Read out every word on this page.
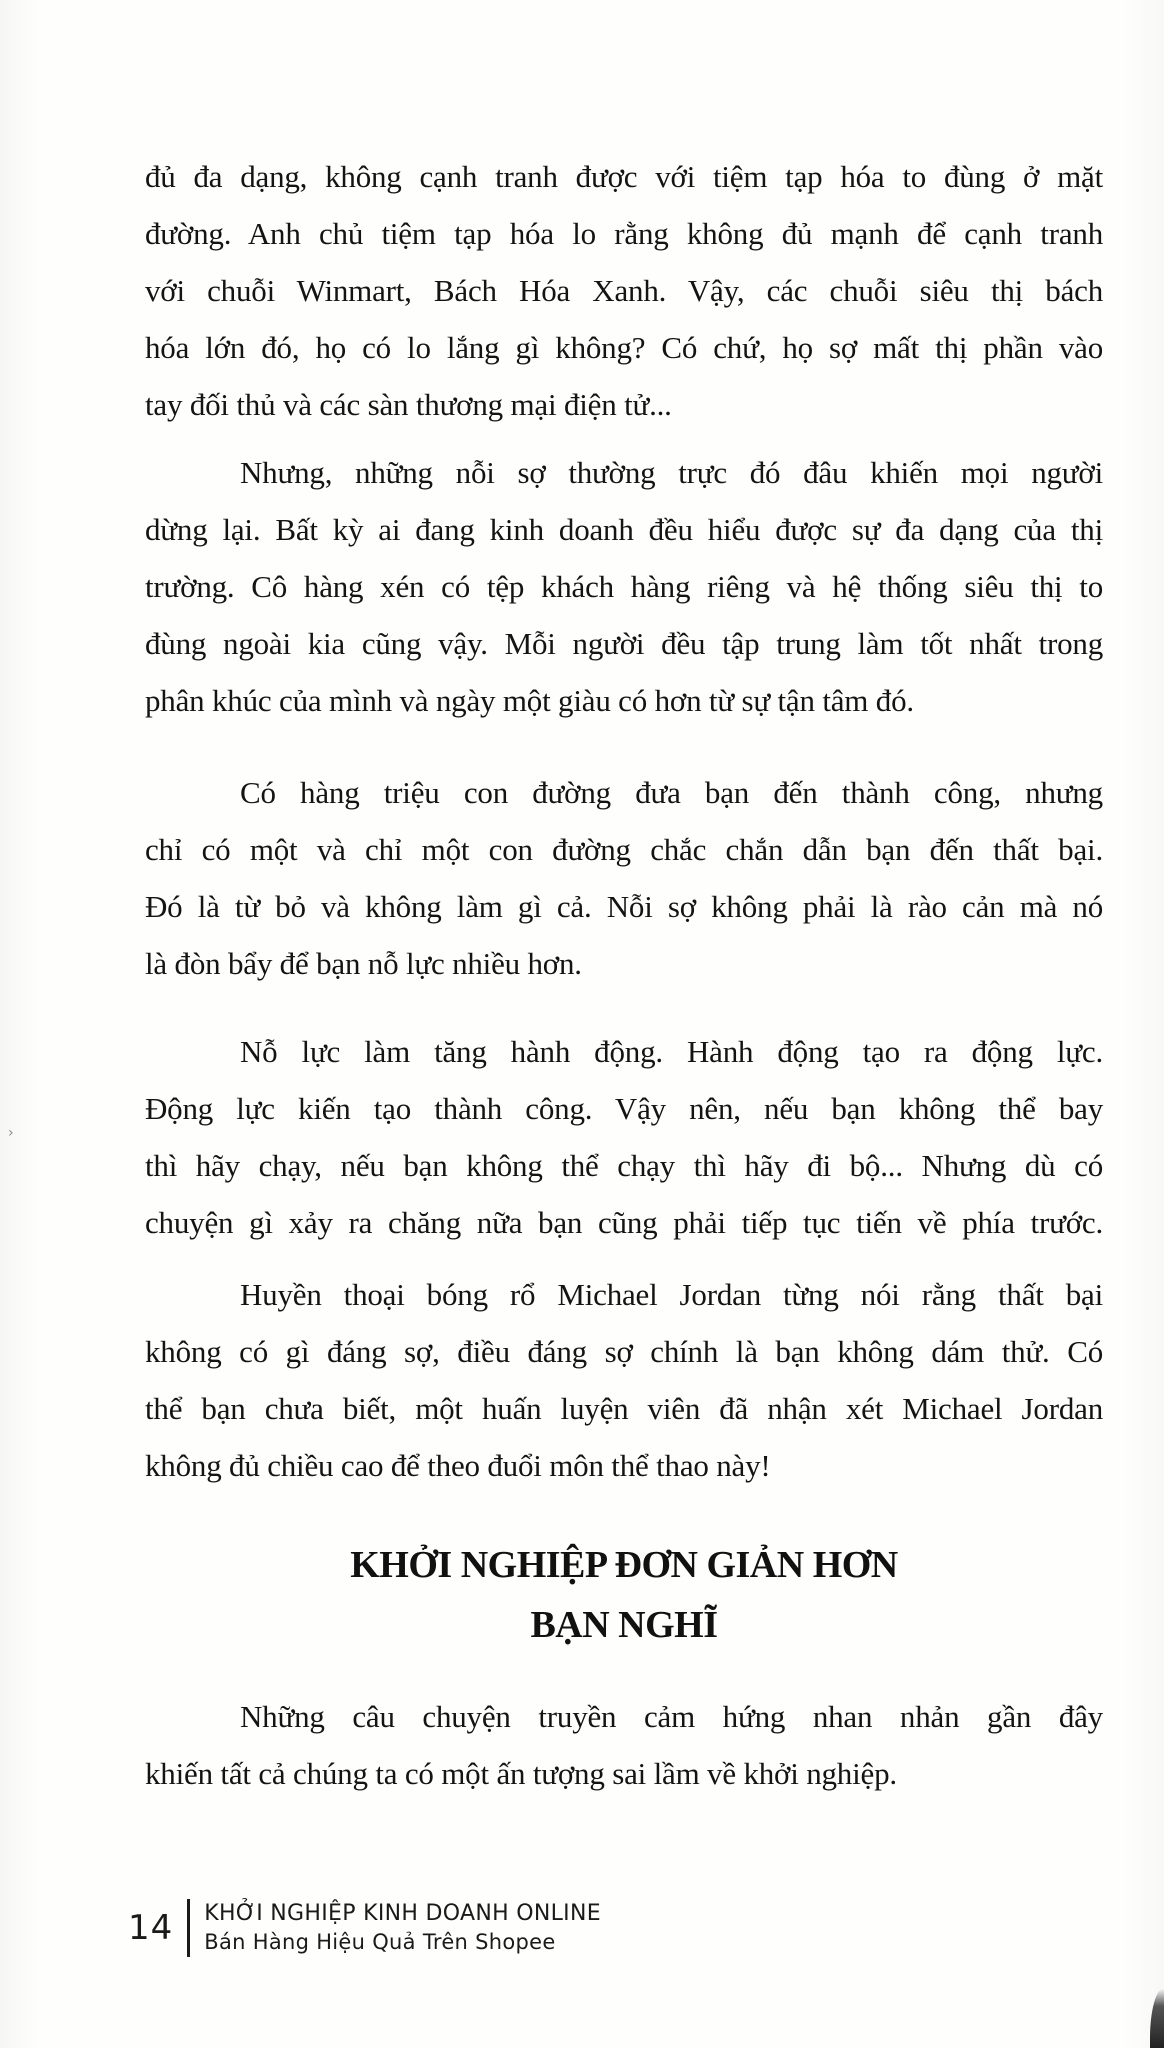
đủ đa dạng, không cạnh tranh được với tiệm tạp hóa to đùng ở mặt
đường. Anh chủ tiệm tạp hóa lo rằng không đủ mạnh để cạnh tranh
với chuỗi Winmart, Bách Hóa Xanh. Vậy, các chuỗi siêu thị bách
hóa lớn đó, họ có lo lắng gì không? Có chứ, họ sợ mất thị phần vào
tay đối thủ và các sàn thương mại điện tử...
Nhưng, những nỗi sợ thường trực đó đâu khiến mọi người
dừng lại. Bất kỳ ai đang kinh doanh đều hiểu được sự đa dạng của thị
trường. Cô hàng xén có tệp khách hàng riêng và hệ thống siêu thị to
đùng ngoài kia cũng vậy. Mỗi người đều tập trung làm tốt nhất trong
phân khúc của mình và ngày một giàu có hơn từ sự tận tâm đó.
Có hàng triệu con đường đưa bạn đến thành công, nhưng
chỉ có một và chỉ một con đường chắc chắn dẫn bạn đến thất bại.
Đó là từ bỏ và không làm gì cả. Nỗi sợ không phải là rào cản mà nó
là đòn bẩy để bạn nỗ lực nhiều hơn.
Nỗ lực làm tăng hành động. Hành động tạo ra động lực.
Động lực kiến tạo thành công. Vậy nên, nếu bạn không thể bay
thì hãy chạy, nếu bạn không thể chạy thì hãy đi bộ... Nhưng dù có
chuyện gì xảy ra chăng nữa bạn cũng phải tiếp tục tiến về phía trước.
Huyền thoại bóng rổ Michael Jordan từng nói rằng thất bại
không có gì đáng sợ, điều đáng sợ chính là bạn không dám thử. Có
thể bạn chưa biết, một huấn luyện viên đã nhận xét Michael Jordan
không đủ chiều cao để theo đuổi môn thể thao này!
KHỞI NGHIỆP ĐƠN GIẢN HƠN
BẠN NGHĨ
Những câu chuyện truyền cảm hứng nhan nhản gần đây
khiến tất cả chúng ta có một ấn tượng sai lầm về khởi nghiệp.
14 KHỞI NGHIỆP KINH DOANH ONLINE
Bán Hàng Hiệu Quả Trên Shopee
›
